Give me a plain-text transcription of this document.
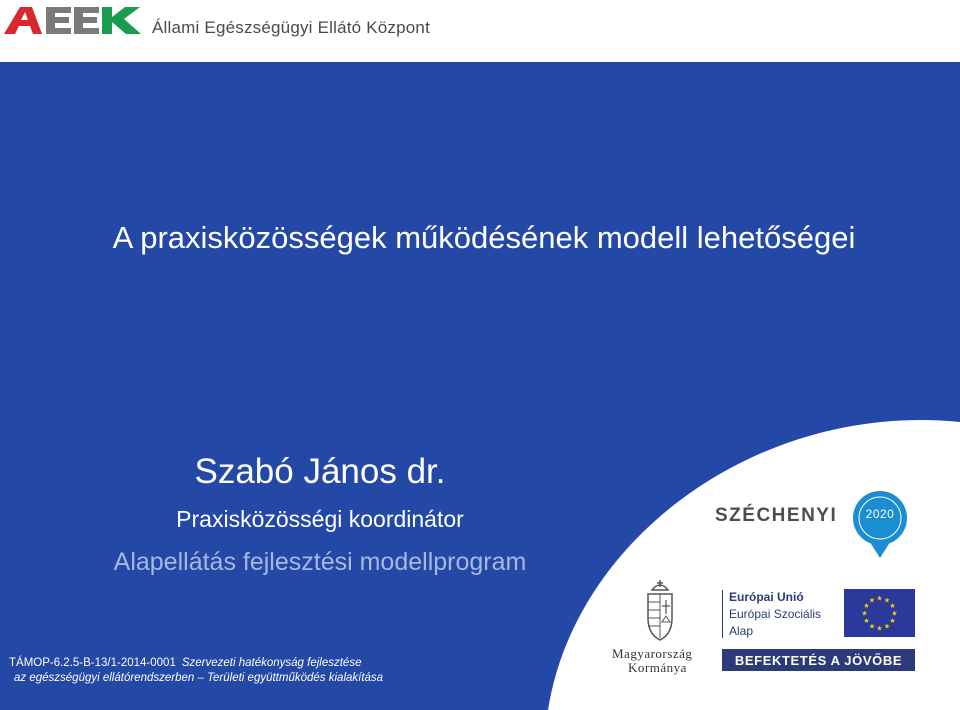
Állami Egészségügyi Ellátó Központ
A praxisközösségek működésének modell lehetőségei
Szabó János dr.
Praxisközösségi koordinátor
Alapellátás fejlesztési modellprogram
TÁMOP-6.2.5-B-13/1-2014-0001 Szervezeti hatékonyság fejlesztése
az egészségügyi ellátórendszerben – Területi együttműködés kialakítása
SZÉCHENYI	2020
Magyarország
Kormánya
Európai Unió
Európai Szociális
Alap
★ ★
★
★
★
★
★
★
★
★
★
★
BEFEKTETÉS A JÖVŐBE
